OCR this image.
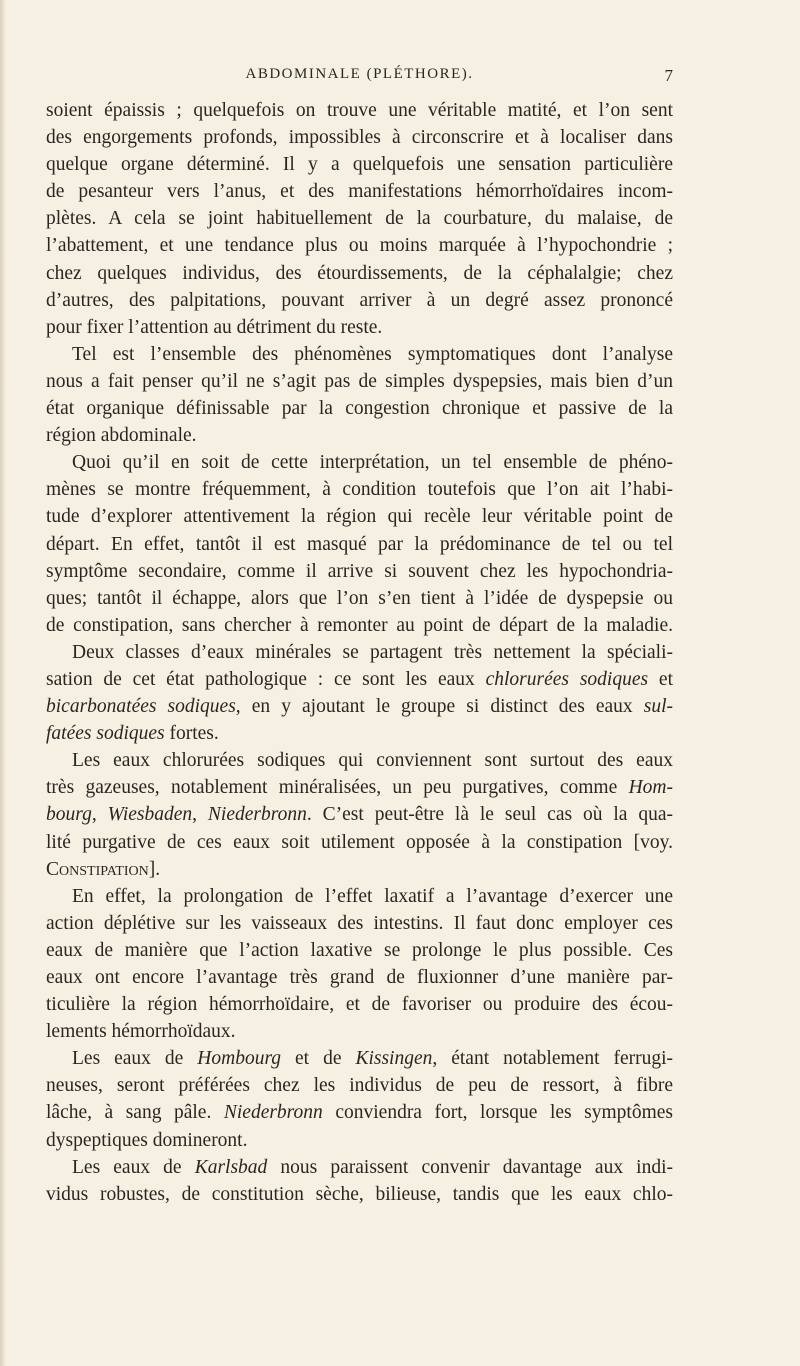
ABDOMINALE (PLÉTHORE).	7
soient épaissis ; quelquefois on trouve une véritable matité, et l’on sent
des engorgements profonds, impossibles à circonscrire et à localiser dans
quelque organe déterminé. Il y a quelquefois une sensation particulière
de pesanteur vers l’anus, et des manifestations hémorrhoïdaires incom-
plètes. A cela se joint habituellement de la courbature, du malaise, de
l’abattement, et une tendance plus ou moins marquée à l’hypochondrie ;
chez quelques individus, des étourdissements, de la céphalalgie; chez
d’autres, des palpitations, pouvant arriver à un degré assez prononcé
pour fixer l’attention au détriment du reste.
Tel est l’ensemble des phénomènes symptomatiques dont l’analyse
nous a fait penser qu’il ne s’agit pas de simples dyspepsies, mais bien d’un
état organique définissable par la congestion chronique et passive de la
région abdominale.
Quoi qu’il en soit de cette interprétation, un tel ensemble de phéno-
mènes se montre fréquemment, à condition toutefois que l’on ait l’habi-
tude d’explorer attentivement la région qui recèle leur véritable point de
départ. En effet, tantôt il est masqué par la prédominance de tel ou tel
symptôme secondaire, comme il arrive si souvent chez les hypochondria-
ques; tantôt il échappe, alors que l’on s’en tient à l’idée de dyspepsie ou
de constipation, sans chercher à remonter au point de départ de la maladie.
Deux classes d’eaux minérales se partagent très nettement la spéciali-
sation de cet état pathologique : ce sont les eaux chlorurées sodiques et
bicarbonatées sodiques, en y ajoutant le groupe si distinct des eaux sul-
fatées sodiques fortes.
Les eaux chlorurées sodiques qui conviennent sont surtout des eaux
très gazeuses, notablement minéralisées, un peu purgatives, comme Hom-
bourg, Wiesbaden, Niederbronn. C’est peut-être là le seul cas où la qua-
lité purgative de ces eaux soit utilement opposée à la constipation [voy.
Constipation].
En effet, la prolongation de l’effet laxatif a l’avantage d’exercer une
action déplétive sur les vaisseaux des intestins. Il faut donc employer ces
eaux de manière que l’action laxative se prolonge le plus possible. Ces
eaux ont encore l’avantage très grand de fluxionner d’une manière par-
ticulière la région hémorrhoïdaire, et de favoriser ou produire des écou-
lements hémorrhoïdaux.
Les eaux de Hombourg et de Kissingen, étant notablement ferrugi-
neuses, seront préférées chez les individus de peu de ressort, à fibre
lâche, à sang pâle. Niederbronn conviendra fort, lorsque les symptômes
dyspeptiques domineront.
Les eaux de Karlsbad nous paraissent convenir davantage aux indi-
vidus robustes, de constitution sèche, bilieuse, tandis que les eaux chlo-
